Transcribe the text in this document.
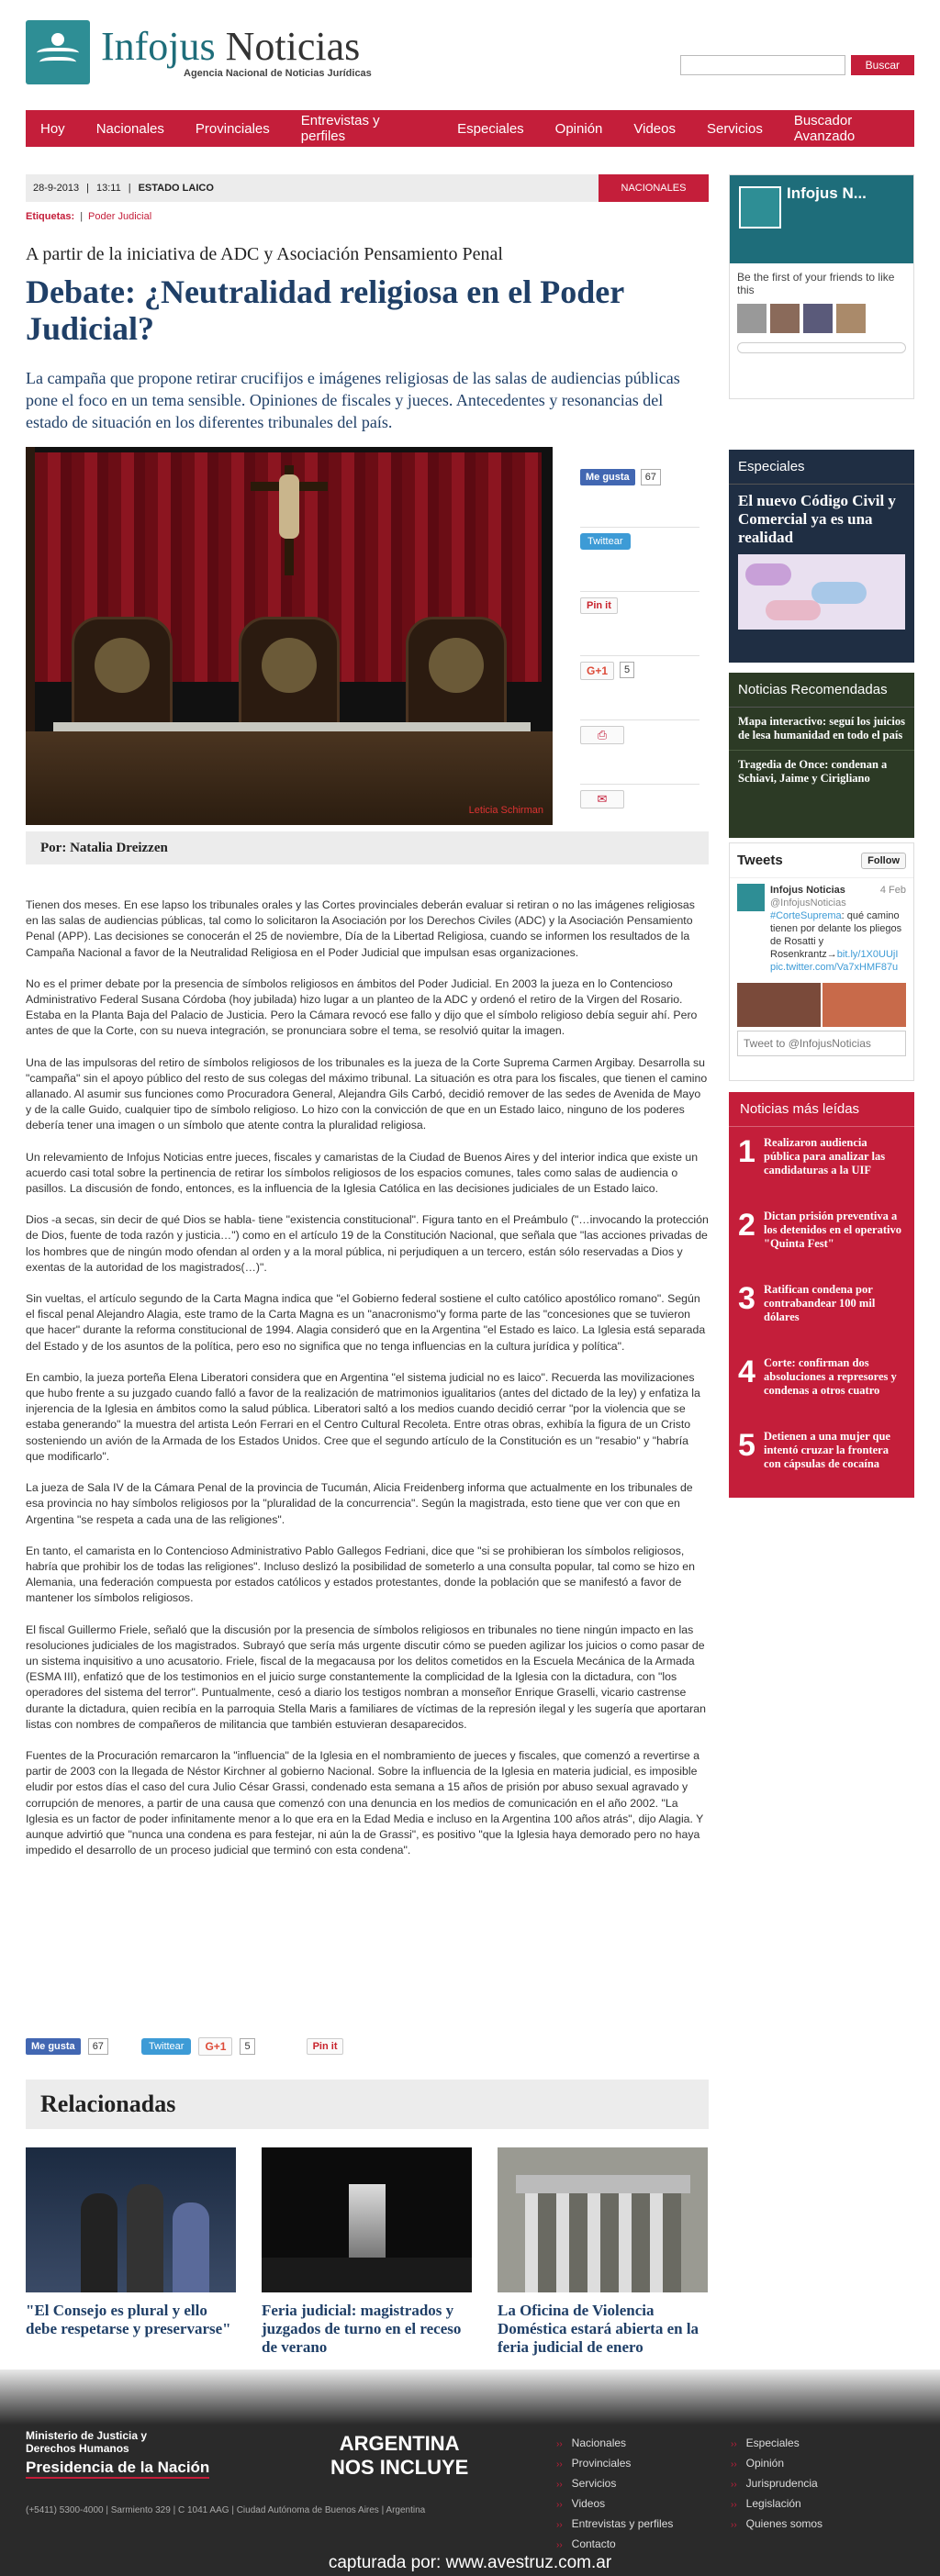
Infojus Noticias
Agencia Nacional de Noticias Jurídicas
Buscar
Hoy Nacionales Provinciales Entrevistas y perfiles	Especiales Opinión Videos Servicios Buscador Avanzado
28-9-2013 | 13:11 | ESTADO LAICO	NACIONALES
Etiquetas: | Poder Judicial
A partir de la iniciativa de ADC y Asociación Pensamiento Penal
Debate: ¿Neutralidad religiosa en el Poder Judicial?

La campaña que propone retirar crucifijos e imágenes religiosas de las salas de audiencias públicas pone el foco en un tema sensible. Opiniones de fiscales y jueces. Antecedentes y resonancias del estado de situación en los diferentes tribunales del país.

Leticia Schirman
Me gusta	67
Twittear
Pin it
G+1	5
⎙
✉
Por: Natalia Dreizzen

Tienen dos meses. En ese lapso los tribunales orales y las Cortes provinciales deberán evaluar si retiran o no las imágenes religiosas en las salas de audiencias públicas, tal como lo solicitaron la Asociación por los Derechos Civiles (ADC) y la Asociación Pensamiento Penal (APP). Las decisiones se conocerán el 25 de noviembre, Día de la Libertad Religiosa, cuando se informen los resultados de la Campaña Nacional a favor de la Neutralidad Religiosa en el Poder Judicial que impulsan esas organizaciones.

No es el primer debate por la presencia de símbolos religiosos en ámbitos del Poder Judicial. En 2003 la jueza en lo Contencioso Administrativo Federal Susana Córdoba (hoy jubilada) hizo lugar a un planteo de la ADC y ordenó el retiro de la Virgen del Rosario. Estaba en la Planta Baja del Palacio de Justicia. Pero la Cámara revocó ese fallo y dijo que el símbolo religioso debía seguir ahí. Pero antes de que la Corte, con su nueva integración, se pronunciara sobre el tema, se resolvió quitar la imagen.

Una de las impulsoras del retiro de símbolos religiosos de los tribunales es la jueza de la Corte Suprema Carmen Argibay. Desarrolla su "campaña" sin el apoyo público del resto de sus colegas del máximo tribunal. La situación es otra para los fiscales, que tienen el camino allanado. Al asumir sus funciones como Procuradora General, Alejandra Gils Carbó, decidió remover de las sedes de Avenida de Mayo y de la calle Guido, cualquier tipo de símbolo religioso. Lo hizo con la convicción de que en un Estado laico, ninguno de los poderes debería tener una imagen o un símbolo que atente contra la pluralidad religiosa.

Un relevamiento de Infojus Noticias entre jueces, fiscales y camaristas de la Ciudad de Buenos Aires y del interior indica que existe un acuerdo casi total sobre la pertinencia de retirar los símbolos religiosos de los espacios comunes, tales como salas de audiencia o pasillos. La discusión de fondo, entonces, es la influencia de la Iglesia Católica en las decisiones judiciales de un Estado laico.

Dios -a secas, sin decir de qué Dios se habla- tiene "existencia constitucional". Figura tanto en el Preámbulo ("…invocando la protección de Dios, fuente de toda razón y justicia…") como en el artículo 19 de la Constitución Nacional, que señala que "las acciones privadas de los hombres que de ningún modo ofendan al orden y a la moral pública, ni perjudiquen a un tercero, están sólo reservadas a Dios y exentas de la autoridad de los magistrados(…)".

Sin vueltas, el artículo segundo de la Carta Magna indica que "el Gobierno federal sostiene el culto católico apostólico romano". Según el fiscal penal Alejandro Alagia, este tramo de la Carta Magna es un "anacronismo"y forma parte de las "concesiones que se tuvieron que hacer" durante la reforma constitucional de 1994. Alagia consideró que en la Argentina "el Estado es laico. La Iglesia está separada del Estado y de los asuntos de la política, pero eso no significa que no tenga influencias en la cultura jurídica y política".

En cambio, la jueza porteña Elena Liberatori considera que en Argentina "el sistema judicial no es laico". Recuerda las movilizaciones que hubo frente a su juzgado cuando falló a favor de la realización de matrimonios igualitarios (antes del dictado de la ley) y enfatiza la injerencia de la Iglesia en ámbitos como la salud pública. Liberatori saltó a los medios cuando decidió cerrar "por la violencia que se estaba generando" la muestra del artista León Ferrari en el Centro Cultural Recoleta. Entre otras obras, exhibía la figura de un Cristo sosteniendo un avión de la Armada de los Estados Unidos. Cree que el segundo artículo de la Constitución es un "resabio" y "habría que modificarlo".

La jueza de Sala IV de la Cámara Penal de la provincia de Tucumán, Alicia Freidenberg informa que actualmente en los tribunales de esa provincia no hay símbolos religiosos por la "pluralidad de la concurrencia". Según la magistrada, esto tiene que ver con que en Argentina "se respeta a cada una de las religiones".

En tanto, el camarista en lo Contencioso Administrativo Pablo Gallegos Fedriani, dice que "si se prohibieran los símbolos religiosos, habría que prohibir los de todas las religiones". Incluso deslizó la posibilidad de someterlo a una consulta popular, tal como se hizo en Alemania, una federación compuesta por estados católicos y estados protestantes, donde la población que se manifestó a favor de mantener los símbolos religiosos.

El fiscal Guillermo Friele, señaló que la discusión por la presencia de símbolos religiosos en tribunales no tiene ningún impacto en las resoluciones judiciales de los magistrados. Subrayó que sería más urgente discutir cómo se pueden agilizar los juicios o como pasar de un sistema inquisitivo a uno acusatorio. Friele, fiscal de la megacausa por los delitos cometidos en la Escuela Mecánica de la Armada (ESMA III), enfatizó que de los testimonios en el juicio surge constantemente la complicidad de la Iglesia con la dictadura, con "los operadores del sistema del terror". Puntualmente, cesó a diario los testigos nombran a monseñor Enrique Graselli, vicario castrense durante la dictadura, quien recibía en la parroquia Stella Maris a familiares de víctimas de la represión ilegal y les sugería que aportaran listas con nombres de compañeros de militancia que también estuvieran desaparecidos.

Fuentes de la Procuración remarcaron la "influencia" de la Iglesia en el nombramiento de jueces y fiscales, que comenzó a revertirse a partir de 2003 con la llegada de Néstor Kirchner al gobierno Nacional. Sobre la influencia de la Iglesia en materia judicial, es imposible eludir por estos días el caso del cura Julio César Grassi, condenado esta semana a 15 años de prisión por abuso sexual agravado y corrupción de menores, a partir de una causa que comenzó con una denuncia en los medios de comunicación en el año 2002. "La Iglesia es un factor de poder infinitamente menor a lo que era en la Edad Media e incluso en la Argentina 100 años atrás", dijo Alagia. Y aunque advirtió que "nunca una condena es para festejar, ni aún la de Grassi", es positivo "que la Iglesia haya demorado pero no haya impedido el desarrollo de un proceso judicial que terminó con esta condena".

Me gusta	67	Twittear	G+1	5	Pin it
Relacionadas
"El Consejo es plural y ello debe respetarse y preservarse"
Feria judicial: magistrados y juzgados de turno en el receso de verano
La Oficina de Violencia Doméstica estará abierta en la feria judicial de enero
Infojus N...
Be the first of your friends to like this
Especiales
El nuevo Código Civil y Comercial ya es una realidad
Noticias Recomendadas
Mapa interactivo: seguí los juicios de lesa humanidad en todo el país
Tragedia de Once: condenan a Schiavi, Jaime y Cirigliano
Tweets	Follow
Infojus Noticias	4 Feb
@InfojusNoticias
#CorteSuprema: qué camino tienen por delante los pliegos de Rosatti y Rosenkrantz→bit.ly/1X0UUjI pic.twitter.com/Va7xHMF87u
Tweet to @InfojusNoticias
Noticias más leídas
1 Realizaron audiencia pública para analizar las candidaturas a la UIF
2 Dictan prisión preventiva a los detenidos en el operativo "Quinta Fest"
3 Ratifican condena por contrabandear 100 mil dólares
4 Corte: confirman dos absoluciones a represores y condenas a otros cuatro
5 Detienen a una mujer que intentó cruzar la frontera con cápsulas de cocaína
Ministerio de Justicia y Derechos Humanos
Presidencia de la Nación
ARGENTINA
NOS INCLUYE
(+5411) 5300-4000 | Sarmiento 329 | C 1041 AAG | Ciudad Autónoma de Buenos Aires | Argentina
›› Nacionales
›› Provinciales
›› Servicios
›› Videos
›› Entrevistas y perfiles
›› Contacto
›› Especiales
›› Opinión
›› Jurisprudencia
›› Legislación
›› Quienes somos
capturada por: www.avestruz.com.ar
